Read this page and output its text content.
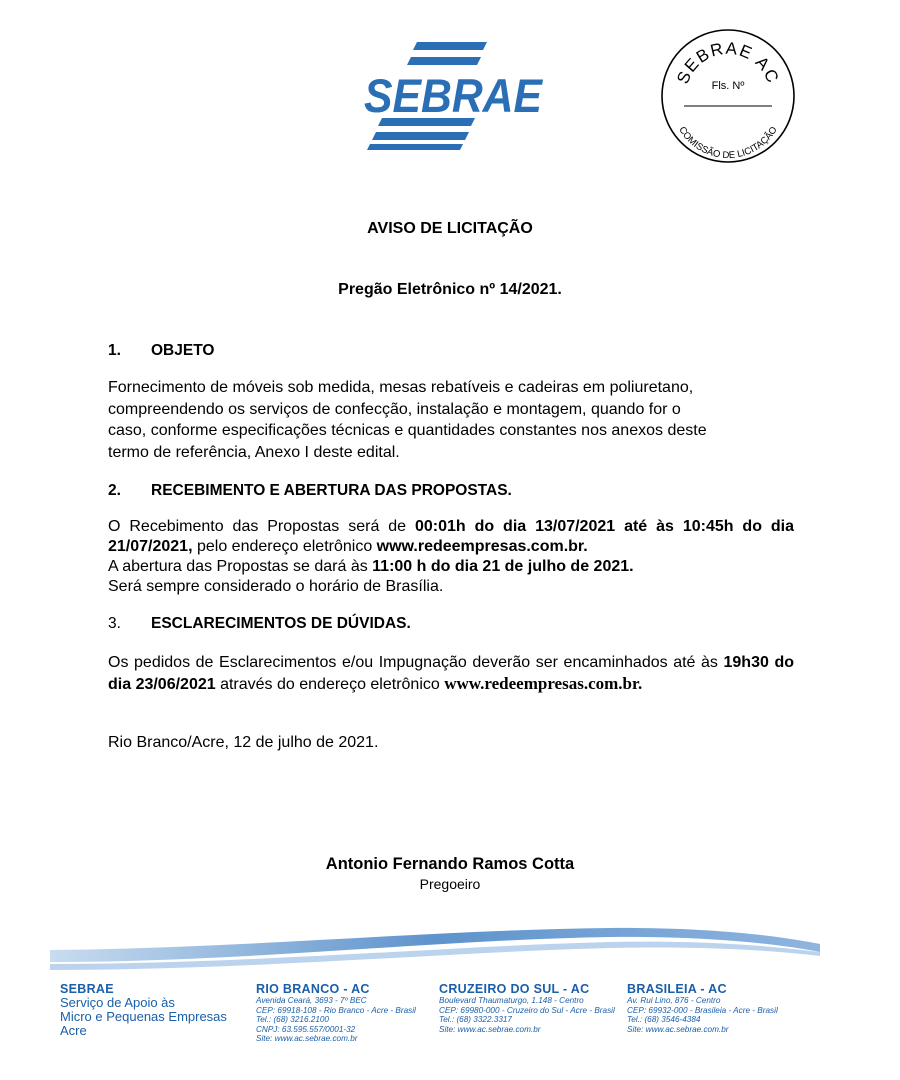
SEBRAE	SEBRAE AC
Fls. Nº
COMISSÃO DE LICITAÇÃO
AVISO DE LICITAÇÃO
Pregão Eletrônico nº 14/2021.
1. OBJETO
Fornecimento de móveis sob medida, mesas rebatíveis e cadeiras em poliuretano,
compreendendo os serviços de confecção, instalação e montagem, quando for o
caso, conforme especificações técnicas e quantidades constantes nos anexos deste
termo de referência, Anexo I deste edital.
2. RECEBIMENTO E ABERTURA DAS PROPOSTAS.
O Recebimento das Propostas será de 00:01h do dia 13/07/2021 até às 10:45h do dia 21/07/2021, pelo endereço eletrônico www.redeempresas.com.br.
A abertura das Propostas se dará às 11:00 h do dia 21 de julho de 2021.
Será sempre considerado o horário de Brasília.
3. ESCLARECIMENTOS DE DÚVIDAS.
Os pedidos de Esclarecimentos e/ou Impugnação deverão ser encaminhados até às 19h30 do dia 23/06/2021 através do endereço eletrônico www.redeempresas.com.br.
Rio Branco/Acre, 12 de julho de 2021.
Antonio Fernando Ramos Cotta
Pregoeiro
SEBRAE
Serviço de Apoio às
Micro e Pequenas Empresas
Acre
RIO BRANCO - AC
Avenida Ceará, 3693 - 7º BEC
CEP: 69918-108 - Rio Branco - Acre - Brasil
Tel.: (68) 3216.2100
CNPJ: 63.595.557/0001-32
Site: www.ac.sebrae.com.br
CRUZEIRO DO SUL - AC
Boulevard Thaumaturgo, 1.148 - Centro
CEP: 69980-000 - Cruzeiro do Sul - Acre - Brasil
Tel.: (68) 3322.3317
Site: www.ac.sebrae.com.br
BRASILEIA - AC
Av. Rui Lino, 876 - Centro
CEP: 69932-000 - Brasileia - Acre - Brasil
Tel.: (68) 3546-4384
Site: www.ac.sebrae.com.br
